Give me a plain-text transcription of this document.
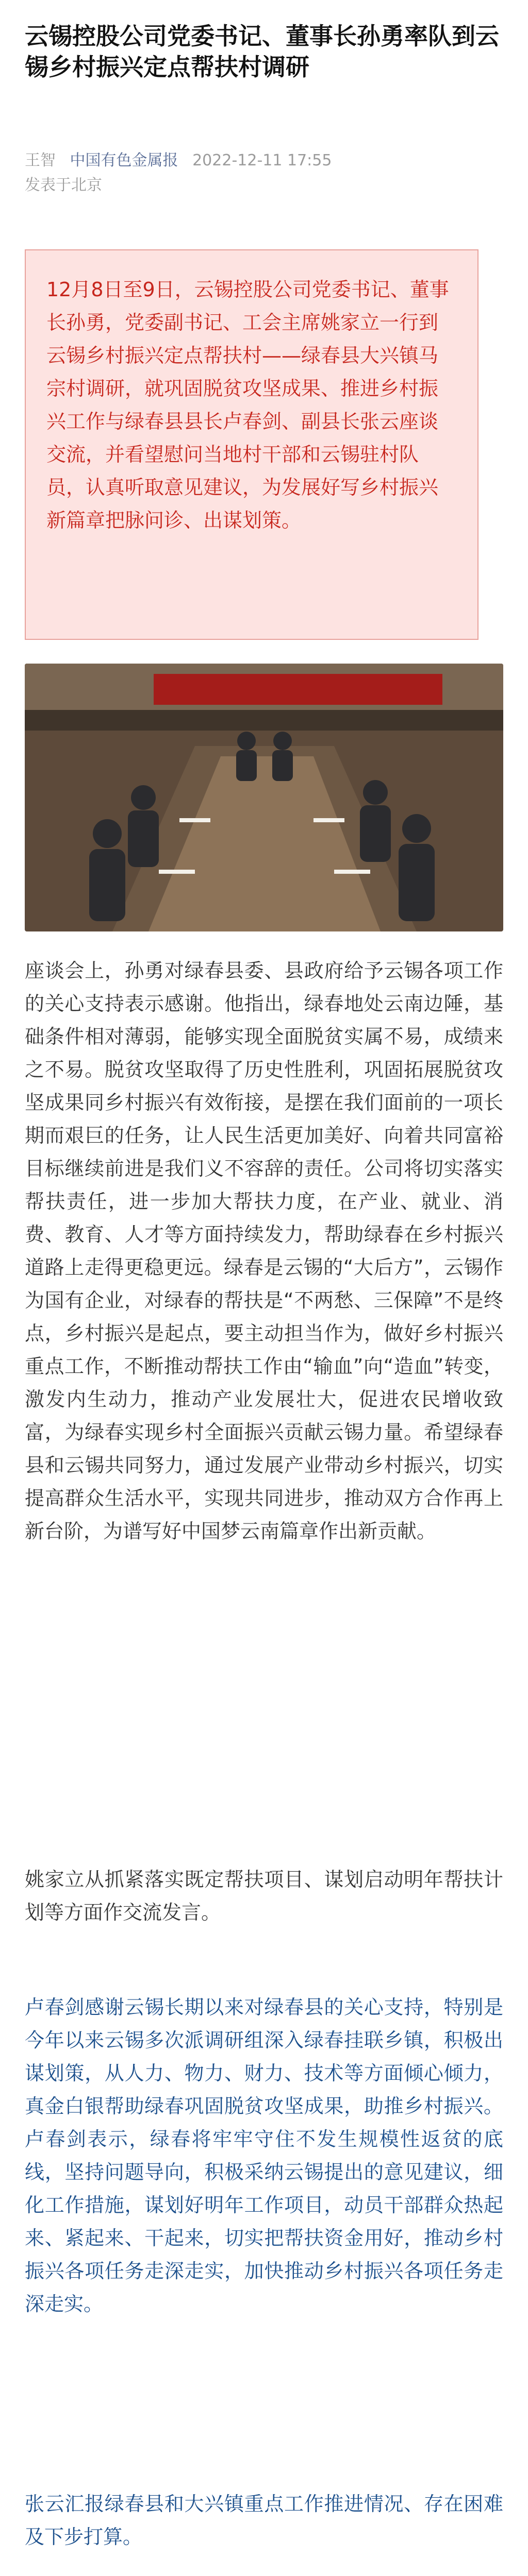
云锡控股公司党委书记、董事长孙勇率队到云锡乡村振兴定点帮扶村调研
王智 中国有色金属报 2022-12-11 17:55
发表于北京
12月8日至9日，云锡控股公司党委书记、董事长孙勇，党委副书记、工会主席姚家立一行到云锡乡村振兴定点帮扶村——绿春县大兴镇马宗村调研，就巩固脱贫攻坚成果、推进乡村振兴工作与绿春县县长卢春剑、副县长张云座谈交流，并看望慰问当地村干部和云锡驻村队员，认真听取意见建议，为发展好写乡村振兴新篇章把脉问诊、出谋划策。

座谈会上，孙勇对绿春县委、县政府给予云锡各项工作的关心支持表示感谢。他指出，绿春地处云南边陲，基础条件相对薄弱，能够实现全面脱贫实属不易，成绩来之不易。脱贫攻坚取得了历史性胜利，巩固拓展脱贫攻坚成果同乡村振兴有效衔接，是摆在我们面前的一项长期而艰巨的任务，让人民生活更加美好、向着共同富裕目标继续前进是我们义不容辞的责任。公司将切实落实帮扶责任，进一步加大帮扶力度，在产业、就业、消费、教育、人才等方面持续发力，帮助绿春在乡村振兴道路上走得更稳更远。绿春是云锡的“大后方”，云锡作为国有企业，对绿春的帮扶是“不两愁、三保障”不是终点，乡村振兴是起点，要主动担当作为，做好乡村振兴重点工作，不断推动帮扶工作由“输血”向“造血”转变，激发内生动力，推动产业发展壮大，促进农民增收致富，为绿春实现乡村全面振兴贡献云锡力量。希望绿春县和云锡共同努力，通过发展产业带动乡村振兴，切实提高群众生活水平，实现共同进步，推动双方合作再上新台阶，为谱写好中国梦云南篇章作出新贡献。

姚家立从抓紧落实既定帮扶项目、谋划启动明年帮扶计划等方面作交流发言。

卢春剑感谢云锡长期以来对绿春县的关心支持，特别是今年以来云锡多次派调研组深入绿春挂联乡镇，积极出谋划策，从人力、物力、财力、技术等方面倾心倾力，真金白银帮助绿春巩固脱贫攻坚成果，助推乡村振兴。卢春剑表示，绿春将牢牢守住不发生规模性返贫的底线，坚持问题导向，积极采纳云锡提出的意见建议，细化工作措施，谋划好明年工作项目，动员干部群众热起来、紧起来、干起来，切实把帮扶资金用好，推动乡村振兴各项任务走深走实，加快推动乡村振兴各项任务走深走实。

张云汇报绿春县和大兴镇重点工作推进情况、存在困难及下步打算。
